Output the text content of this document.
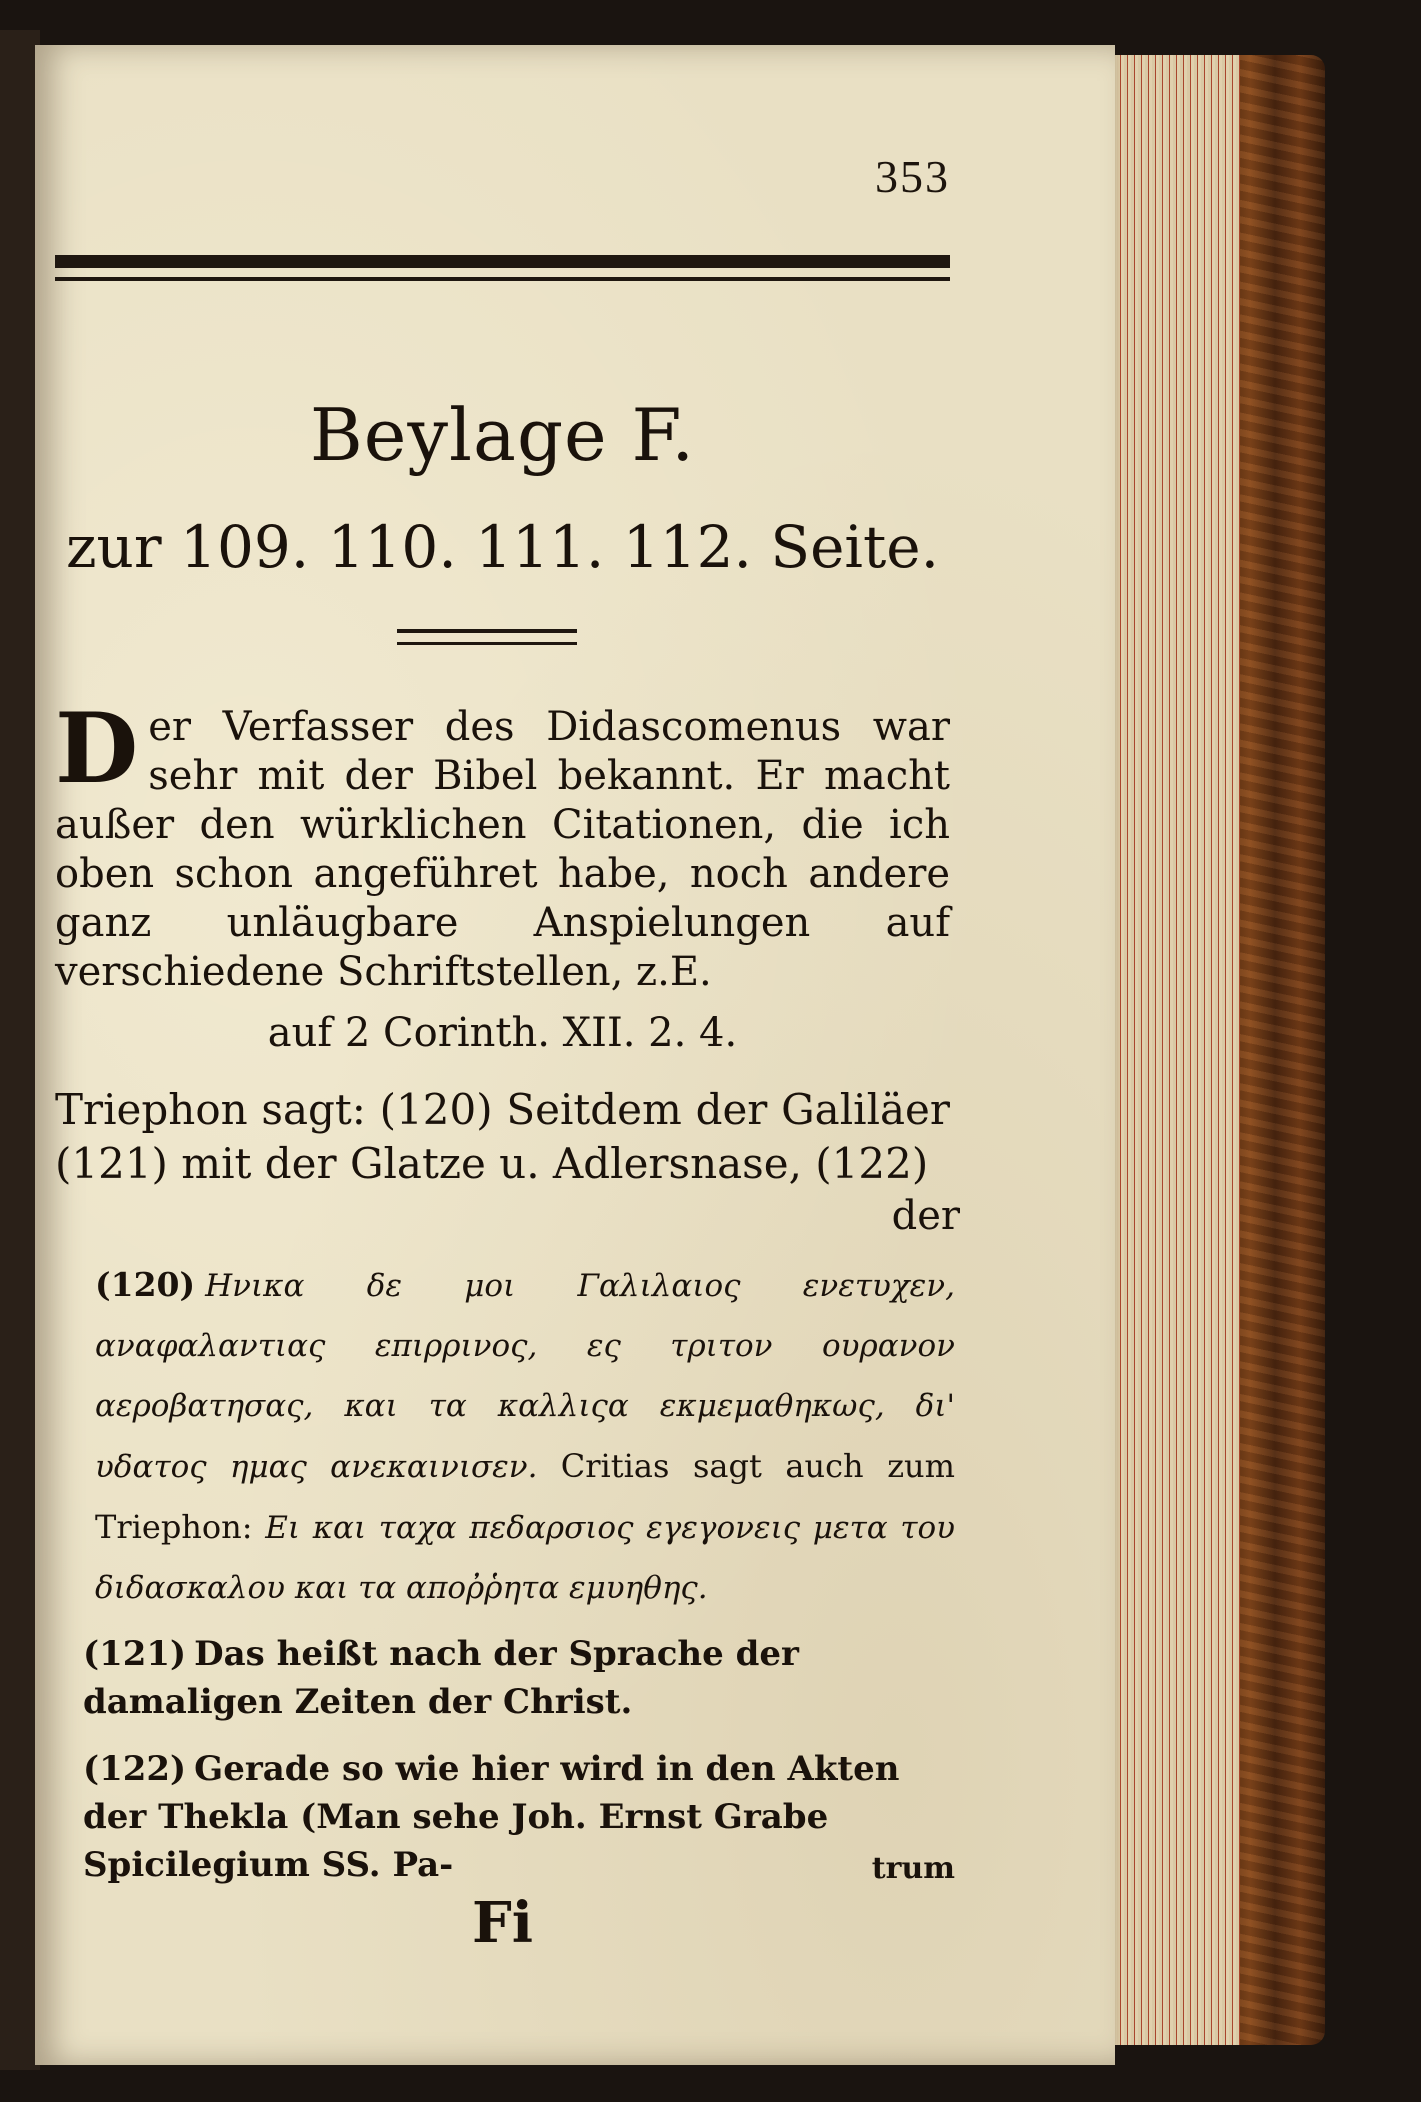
353
Beylage F.
zur 109. 110. 111. 112. Seite.
Der Verfasser des Didascomenus war sehr mit der Bibel bekannt. Er macht außer den würklichen Citationen, die ich oben schon angeführet habe, noch andere ganz unläugbare Anspielungen auf verschiedene Schriftstellen, z.E.
auf 2 Corinth. XII. 2. 4.
Triephon sagt: (120) Seitdem der Galiläer (121) mit der Glatze u. Adlersnase, (122)
der
(120) Ηνικα δε μοι Γαλιλαιος ενετυχεν, αναφαλαντιας επιρρινος, ες τριτον ουρανον αεροβατησας, και τα καλλιςα εκμεμαθηκως, δι' υδατος ημας ανεκαινισεν. Critias sagt auch zum Triephon: Ει και ταχα πεδαρσιος εγεγονεις μετα του διδασκαλου και τα αποῤῥητα εμυηθης.
(121) Das heißt nach der Sprache der damaligen Zeiten der Christ.
(122) Gerade so wie hier wird in den Akten der Thekla (Man sehe Joh. Ernst Grabe Spicilegium SS. Pa-	trum
Fi
